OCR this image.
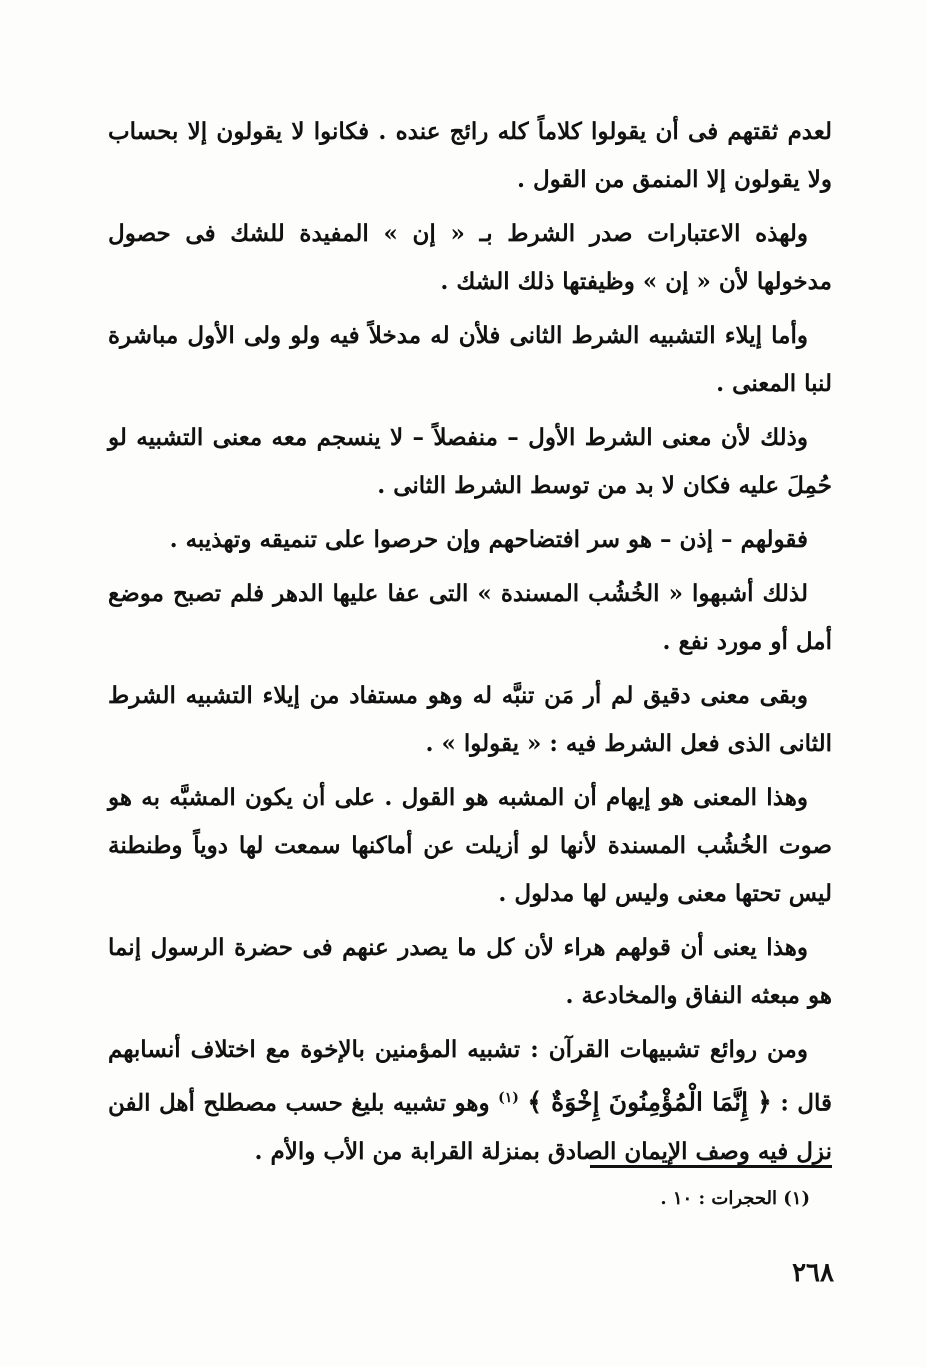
لعدم ثقتهم فى أن يقولوا كلاماً كله رائج عنده . فكانوا لا يقولون إلا بحساب ولا يقولون إلا المنمق من القول .

ولهذه الاعتبارات صدر الشرط بـ « إن » المفيدة للشك فى حصول مدخولها لأن « إن » وظيفتها ذلك الشك .

وأما إيلاء التشبيه الشرط الثانى فلأن له مدخلاً فيه ولو ولى الأول مباشرة لنبا المعنى .

وذلك لأن معنى الشرط الأول – منفصلاً – لا ينسجم معه معنى التشبيه لو حُمِلَ عليه فكان لا بد من توسط الشرط الثانى .

فقولهم – إذن – هو سر افتضاحهم وإن حرصوا على تنميقه وتهذيبه .

لذلك أشبهوا « الخُشُب المسندة » التى عفا عليها الدهر فلم تصبح موضع أمل أو مورد نفع .

وبقى معنى دقيق لم أر مَن تنبَّه له وهو مستفاد من إيلاء التشبيه الشرط الثانى الذى فعل الشرط فيه : « يقولوا » .

وهذا المعنى هو إيهام أن المشبه هو القول . على أن يكون المشبَّه به هو صوت الخُشُب المسندة لأنها لو أزيلت عن أماكنها سمعت لها دوياً وطنطنة ليس تحتها معنى وليس لها مدلول .

وهذا يعنى أن قولهم هراء لأن كل ما يصدر عنهم فى حضرة الرسول إنما هو مبعثه النفاق والمخادعة .

ومن روائع تشبيهات القرآن : تشبيه المؤمنين بالإخوة مع اختلاف أنسابهم قال : ﴿ إِنَّمَا الْمُؤْمِنُونَ إِخْوَةٌ ﴾ $^{(١)}$ وهو تشبيه بليغ حسب مصطلح أهل الفن نزل فيه وصف الإيمان الصادق بمنزلة القرابة من الأب والأم .

(١) الحجرات : ١٠ .
٢٦٨
